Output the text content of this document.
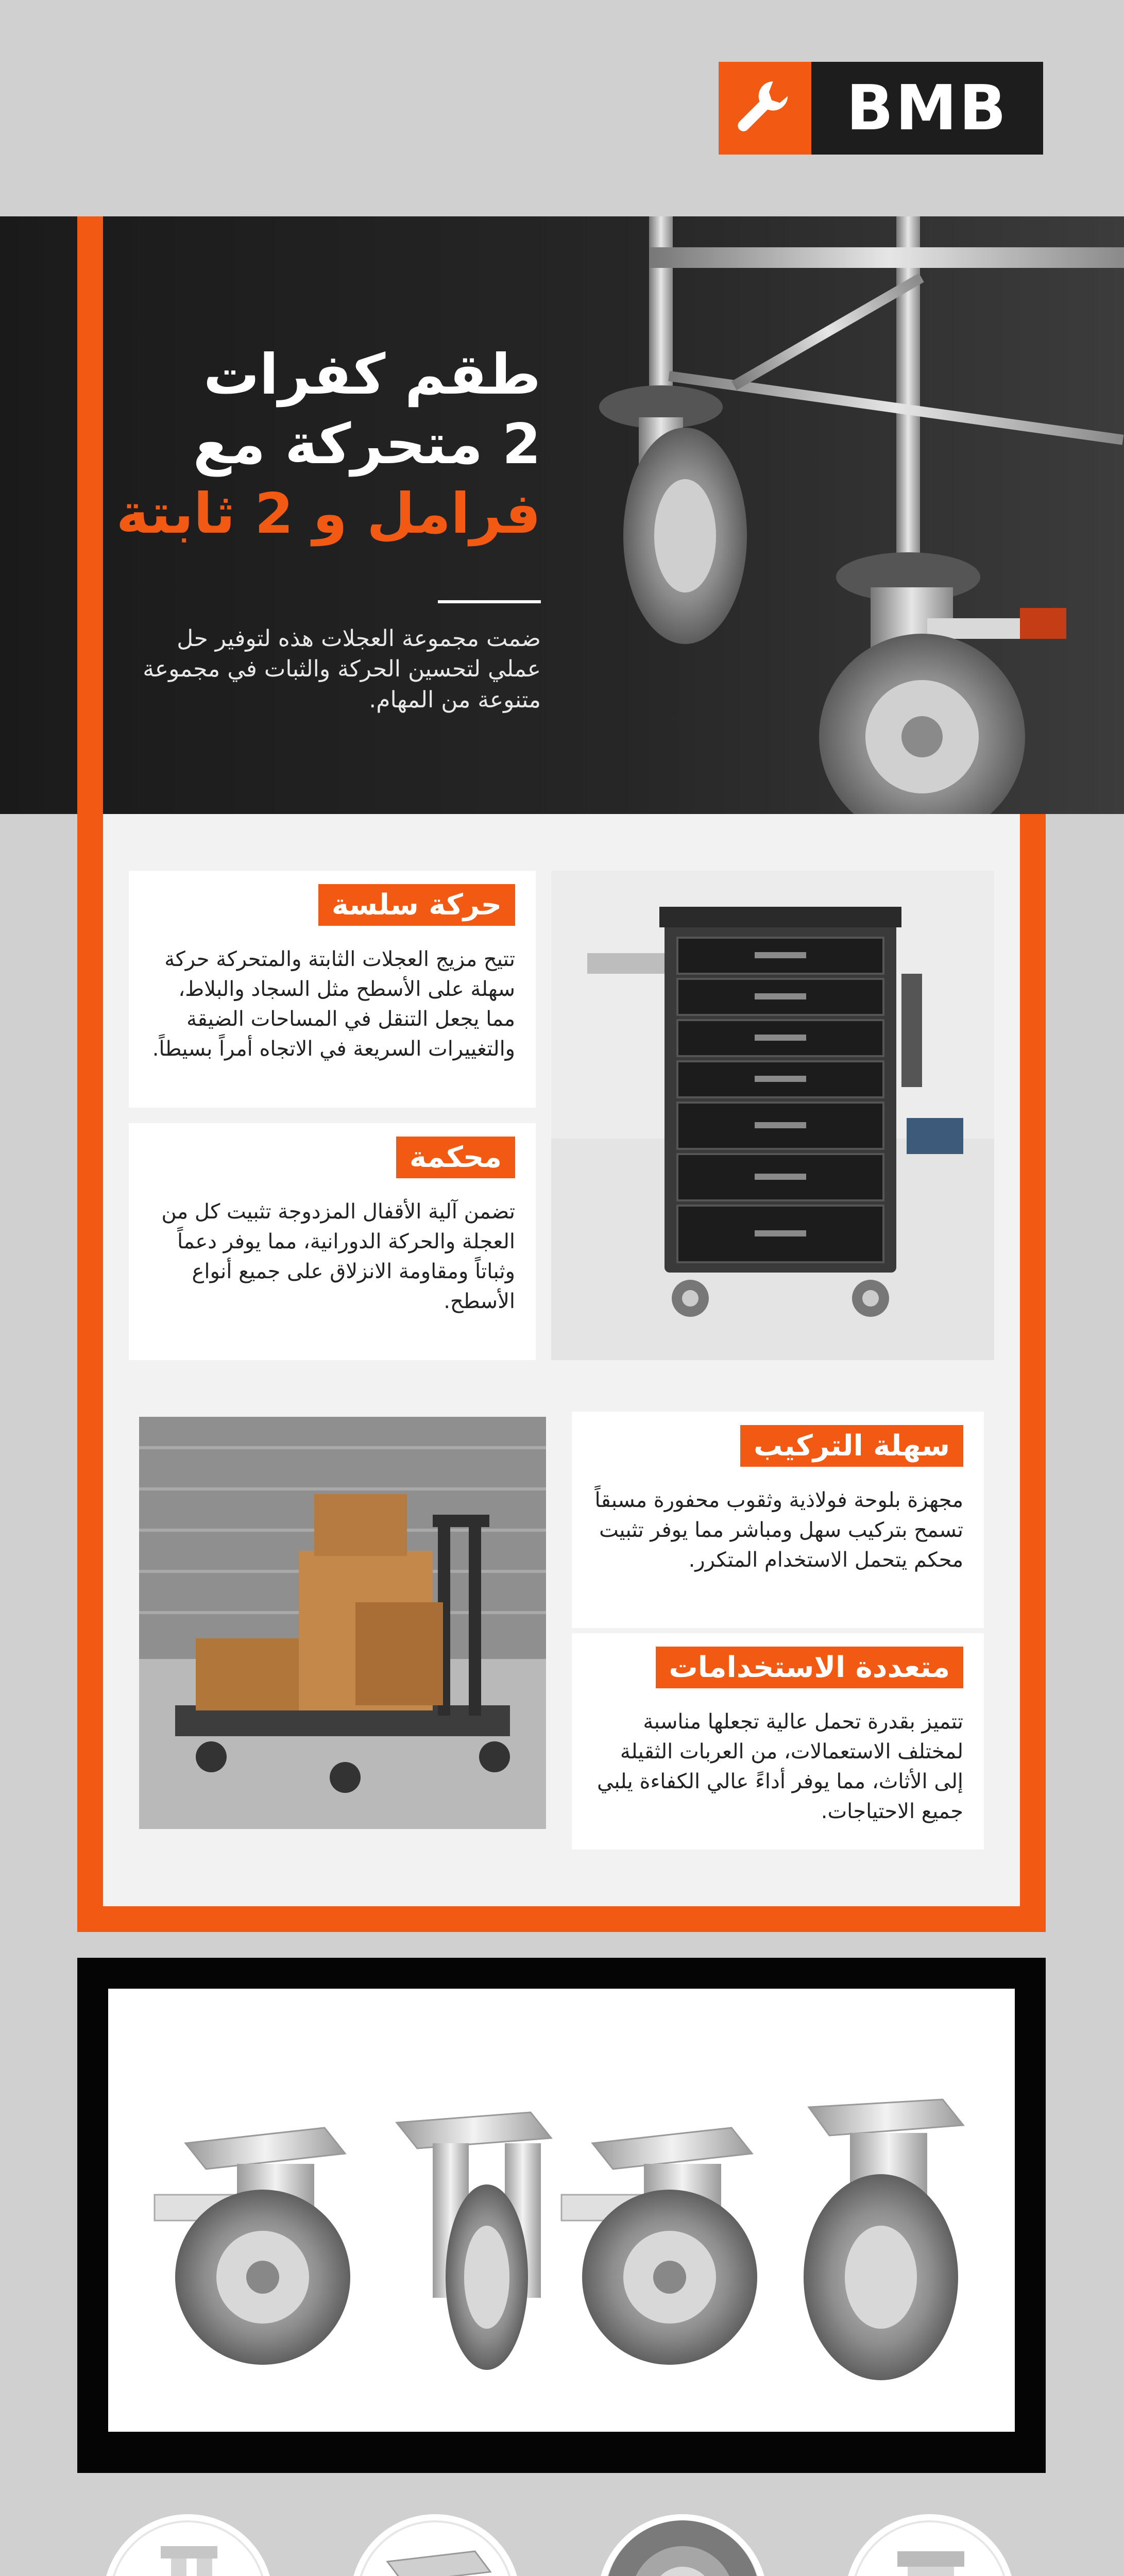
BMB
طقم كفرات
2 متحركة مع
فرامل و 2 ثابتة
ضمت مجموعة العجلات هذه لتوفير حل عملي لتحسين الحركة والثبات في مجموعة متنوعة من المهام.
حركة سلسة
تتيح مزيج العجلات الثابتة والمتحركة حركة سهلة على الأسطح مثل السجاد والبلاط، مما يجعل التنقل في المساحات الضيقة والتغييرات السريعة في الاتجاه أمراً بسيطاً.
محكمة
تضمن آلية الأقفال المزدوجة تثبيت كل من العجلة والحركة الدورانية، مما يوفر دعماً وثباتاً ومقاومة الانزلاق على جميع أنواع الأسطح.
سهلة التركيب
مجهزة بلوحة فولاذية وثقوب محفورة مسبقاً تسمح بتركيب سهل ومباشر مما يوفر تثبيت محكم يتحمل الاستخدام المتكرر.
متعددة الاستخدامات
تتميز بقدرة تحمل عالية تجعلها مناسبة لمختلف الاستعمالات، من العربات الثقيلة إلى الأثاث، مما يوفر أداءً عالي الكفاءة يلبي جميع الاحتياجات.
